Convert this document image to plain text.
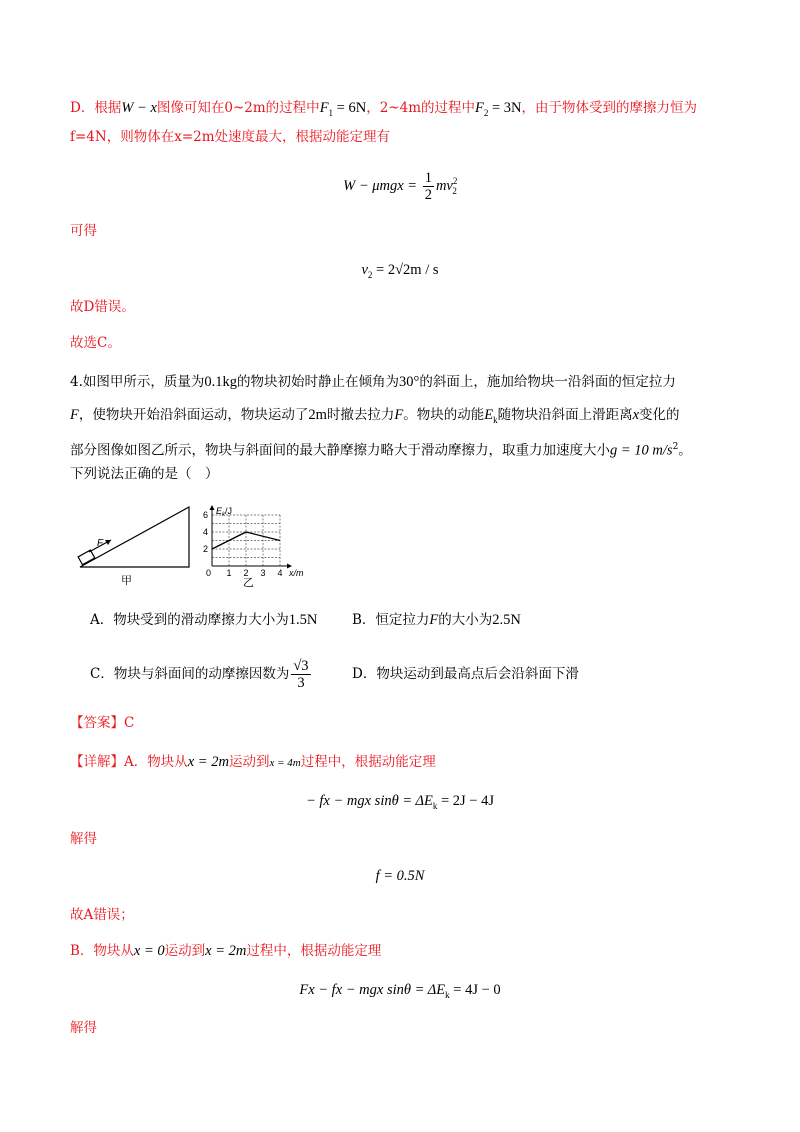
D．根据W − x图像可知在0~2m的过程中$F_1 = 6N$，2~4m的过程中$F_2 = 3N$，由于物体受到的摩擦力恒为
f=4N，则物体在x=2m处速度最大，根据动能定理有
$W - \mu mgx = \frac{1}{2} mv^2_2$
可得
$v_2 = 2√2m / s$
故D错误。
故选C。
4.如图甲所示，质量为0.1kg的物块初始时静止在倾角为30°的斜面上，施加给物块一沿斜面的恒定拉力
F，使物块开始沿斜面运动，物块运动了2m时撤去拉力F。物块的动能$E_k$随物块沿斜面上滑距离x变化的
部分图像如图乙所示，物块与斜面间的最大静摩擦力略大于滑动摩擦力，取重力加速度大小g = 10 $m/s^2$。
下列说法正确的是（　）
F
甲
1 2 3 4
2
4
6 $E_k/J$
x/m
0
乙
A．物块受到的滑动摩擦力大小为1.5N	B．恒定拉力F的大小为2.5N
C．物块与斜面间的动摩擦因数为 $\frac{√3}{3}$	D．物块运动到最高点后会沿斜面下滑
【答案】C
【详解】A．物块从x = 2m运动到x = 4m过程中，根据动能定理
− fx − mgx $\sin\theta = \Delta E_k = 2J - 4J$
解得
f = 0.5N
故A错误；
B．物块从x = 0运动到x = 2m过程中，根据动能定理
Fx − fx − mgx $\sin\theta = \Delta E_k = 4J - 0$
解得
